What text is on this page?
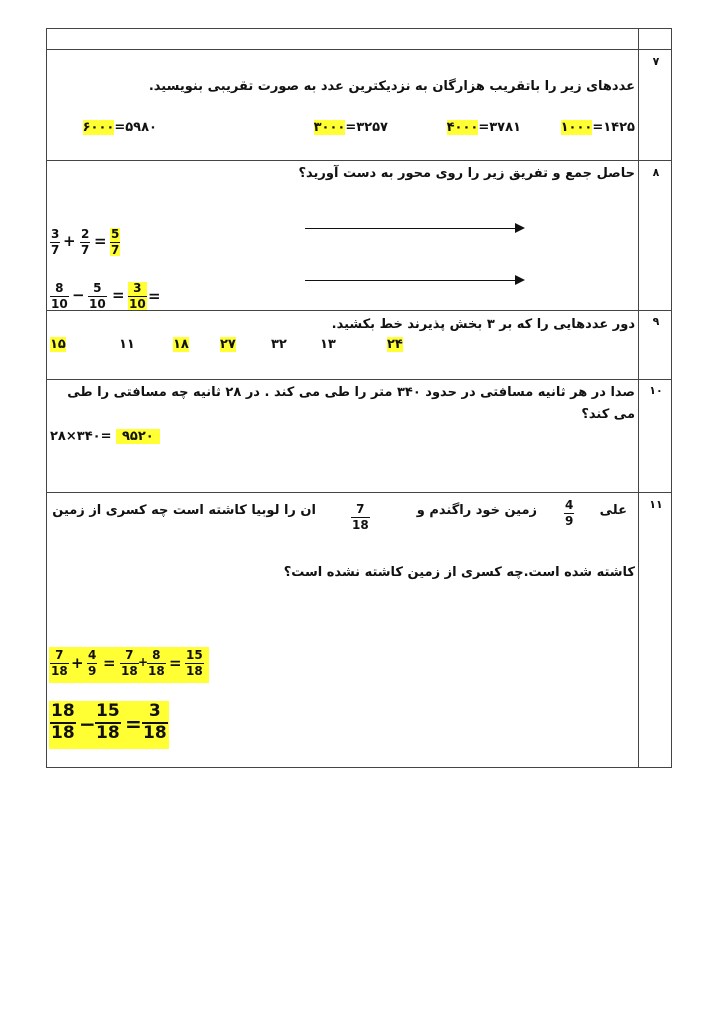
۷
عددهای زیر را باتقریب هزارگان به نزدیکترین عدد به صورت تقریبی بنویسید.
۱۰۰۰=۱۴۲۵
۴۰۰۰=۳۷۸۱
۳۰۰۰=۳۲۵۷
۶۰۰۰=۵۹۸۰
۸
حاصل جمع و تفریق زیر را روی محور به دست آورید؟
$\frac{3}{7} + \frac{2}{7} = \frac{5}{7}$
$\frac{8}{10} - \frac{5}{10} = \frac{3}{10}$ =
۹
دور عددهایی را که بر ۳ بخش پذیرند خط بکشید.
۲۴
۱۳
۳۲
۲۷
۱۸
۱۱
۱۵
۱۰
صدا در هر ثانیه مسافتی در حدود ۳۴۰ متر را طی می کند . در ۲۸ ثانیه چه مسافتی را طی
می کند؟
۲۸×۳۴۰= ۹۵۲۰
۱۱
علی
$\frac{4}{9}$
زمین خود راگندم و
$\frac{7}{18}$
ان را لوبیا کاشته است چه کسری از زمین
کاشته شده است.چه کسری از زمین کاشته نشده است؟
$\frac{7}{18} + \frac{4}{9} = \frac{7}{18}$ +
$\frac{8}{18} = \frac{15}{18}$
$\frac{18}{18} - \frac{15}{18} = \frac{3}{18}$
